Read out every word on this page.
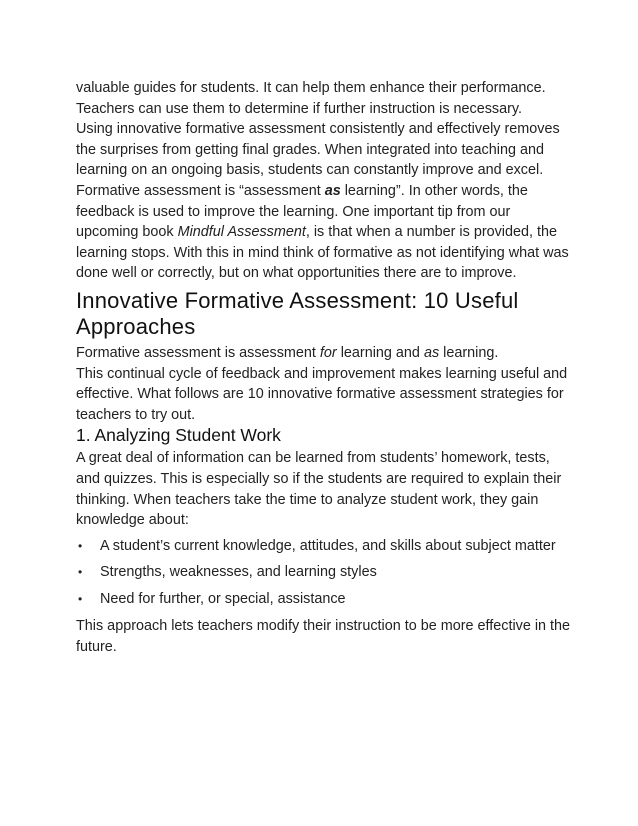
valuable guides for students. It can help them enhance their performance.

Teachers can use them to determine if further instruction is necessary.

Using innovative formative assessment consistently and effectively removes the surprises from getting final grades. When integrated into teaching and learning on an ongoing basis, students can constantly improve and excel.

Formative assessment is “assessment as learning”. In other words, the feedback is used to improve the learning. One important tip from our upcoming book Mindful Assessment, is that when a number is provided, the learning stops. With this in mind think of formative as not identifying what was done well or correctly, but on what opportunities there are to improve.

Innovative Formative Assessment: 10 Useful Approaches

Formative assessment is assessment for learning and as learning.

This continual cycle of feedback and improvement makes learning useful and effective. What follows are 10 innovative formative assessment strategies for teachers to try out.

1. Analyzing Student Work

A great deal of information can be learned from students’ homework, tests, and quizzes. This is especially so if the students are required to explain their thinking. When teachers take the time to analyze student work, they gain knowledge about:

• A student’s current knowledge, attitudes, and skills about subject matter
• Strengths, weaknesses, and learning styles
• Need for further, or special, assistance

This approach lets teachers modify their instruction to be more effective in the future.
